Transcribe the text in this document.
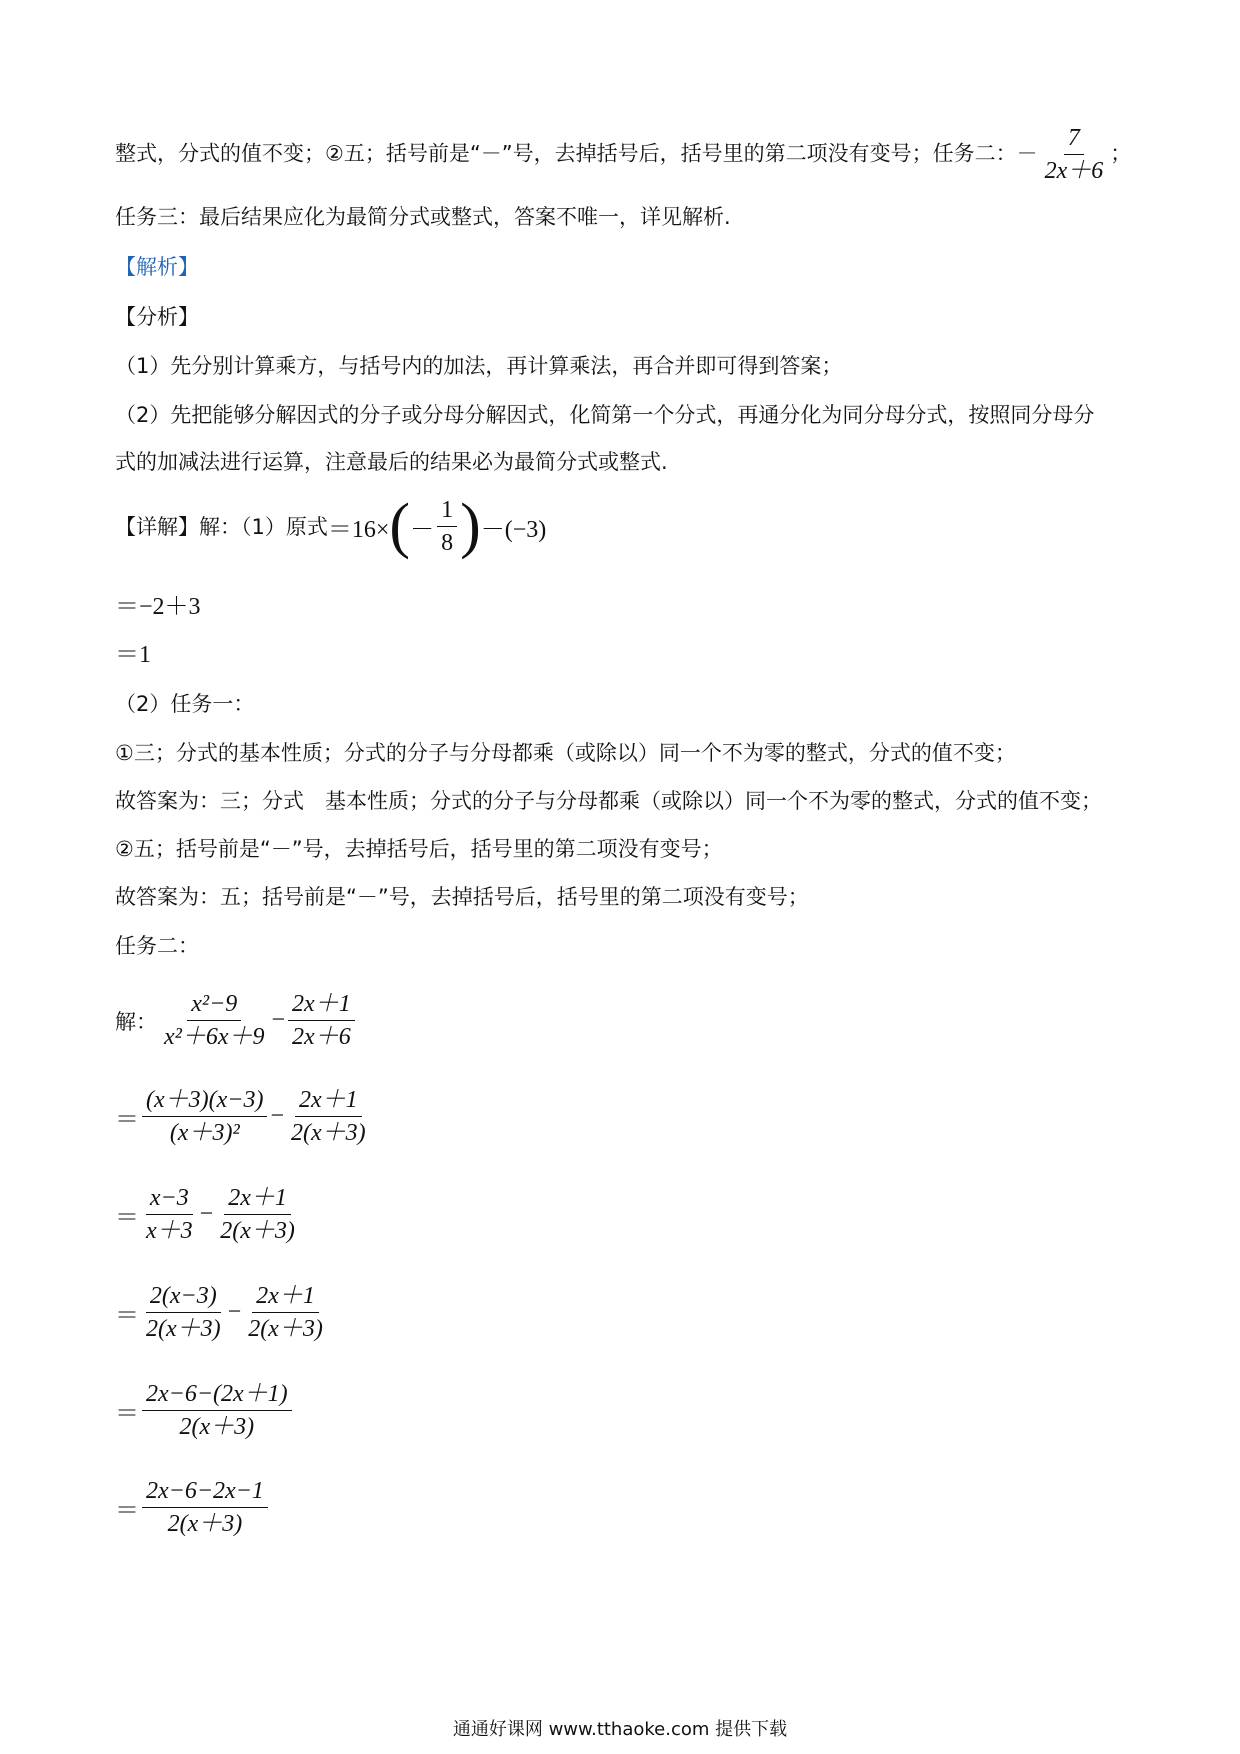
整式，分式的值不变；②五；括号前是“－”号，去掉括号后，括号里的第二项没有变号；任务二：－ $\frac{7}{2x+6}$ ；
任务三：最后结果应化为最简分式或整式，答案不唯一，详见解析.
【解析】
【分析】
（1）先分别计算乘方，与括号内的加法，再计算乘法，再合并即可得到答案；
（2）先把能够分解因式的分子或分母分解因式，化简第一个分式，再通分化为同分母分式，按照同分母分
式的加减法进行运算，注意最后的结果必为最简分式或整式.
【详解】解：（1）原式 ＝16× ( － $\frac{1}{8}$ ) －(−3)
＝−2＋3
＝1
（2）任务一：
①三；分式的基本性质；分式的分子与分母都乘（或除以）同一个不为零的整式，分式的值不变；
故答案为：三；分式　基本性质；分式的分子与分母都乘（或除以）同一个不为零的整式，分式的值不变；
②五；括号前是“－”号，去掉括号后，括号里的第二项没有变号；
故答案为：五；括号前是“－”号，去掉括号后，括号里的第二项没有变号；
任务二：
解： $\frac{\text{x²−9}}{\text{x²＋6x＋9}} - \frac{2x+1}{2x+6}$
＝ $\frac{(x+3)(x-3)}{\text{(x＋3)²}} - \frac{2x+1}{2(x+3)}$
＝ $\frac{x-3}{x+3} - \frac{2x+1}{2(x+3)}$
＝ $\frac{2(x-3)}{2(x+3)} - \frac{2x+1}{2(x+3)}$
＝ $\frac{2x-6-(2x+1)}{2(x+3)}$
＝ $\frac{2x-6-2x-1}{2(x+3)}$
通通好课网 www.tthaoke.com 提供下载
